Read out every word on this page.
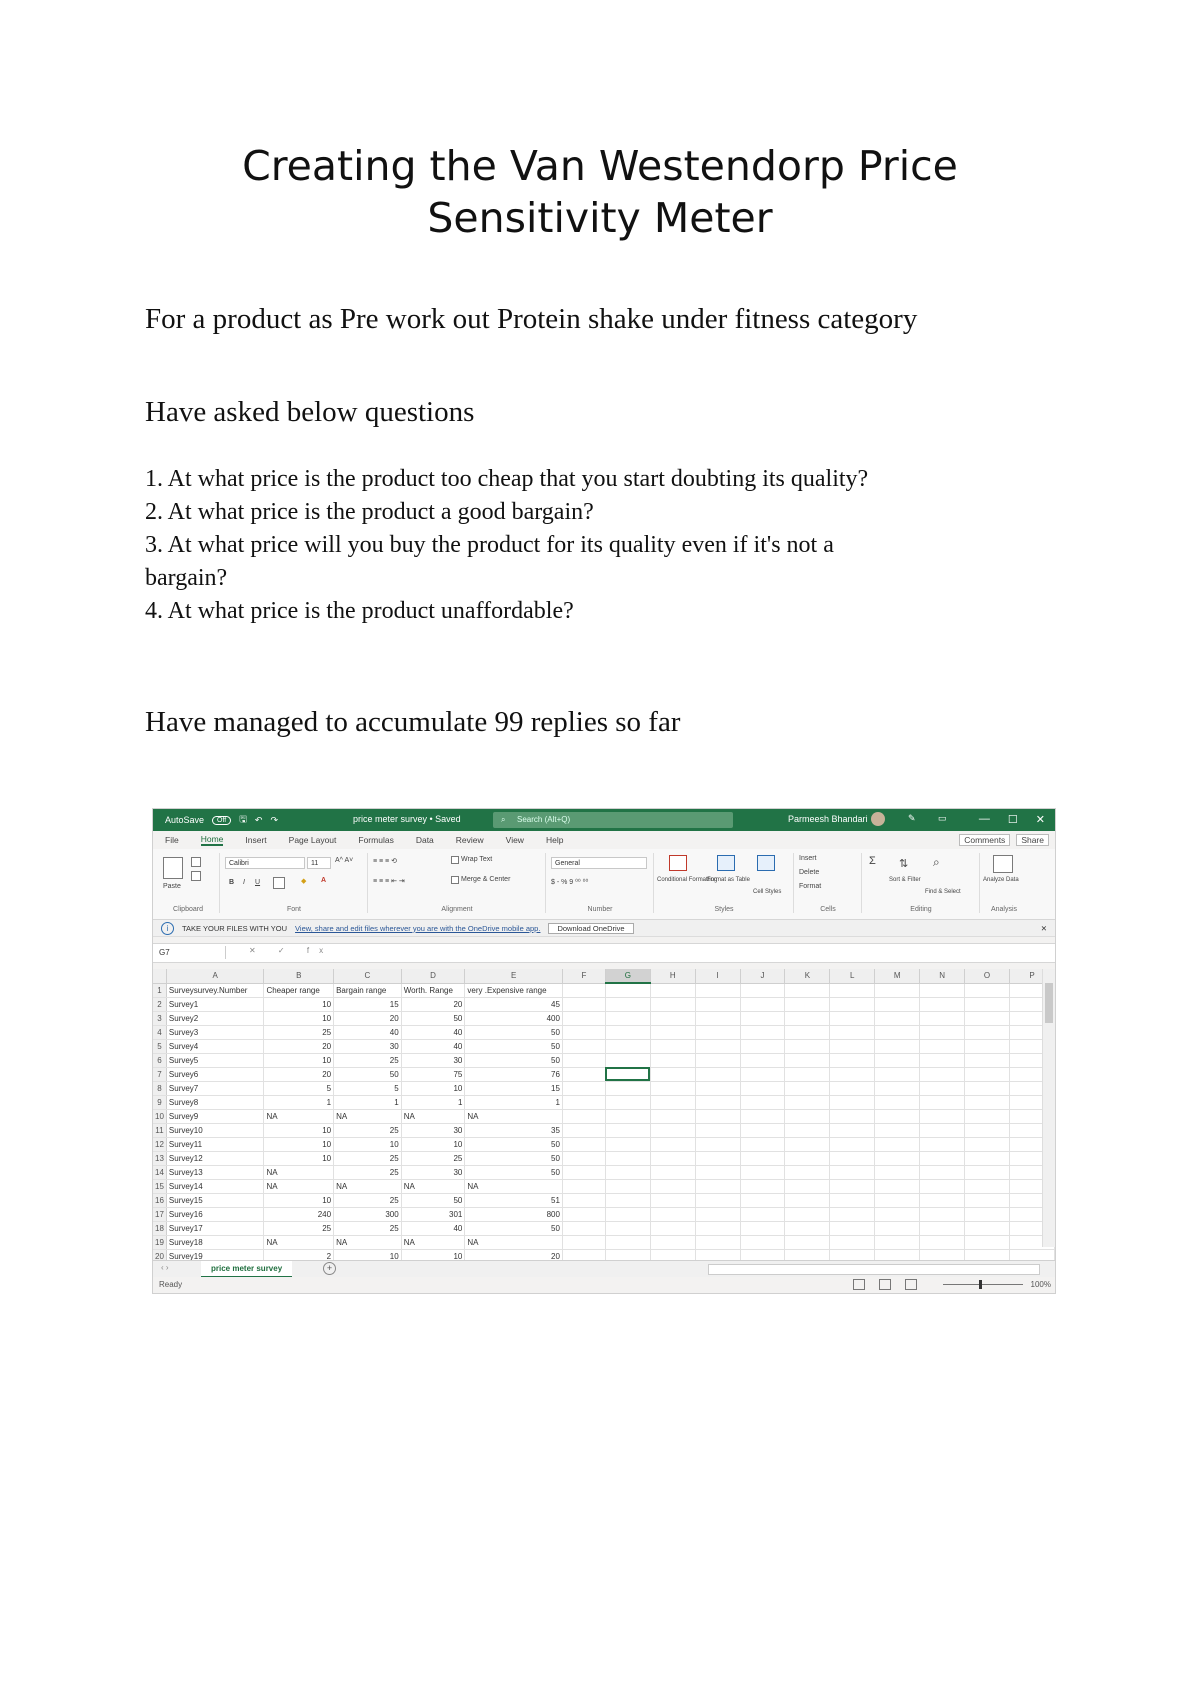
Creating the Van Westendorp Price
Sensitivity Meter
For a product as Pre work out Protein shake under fitness category
Have asked below questions
1. At what price is the product too cheap that you start doubting its quality?
2. At what price is the product a good bargain?
3. At what price will you buy the product for its quality even if it's not a
bargain?
4. At what price is the product unaffordable?
Have managed to accumulate 99 replies so far
AutoSave	Off	🖫 ↶ ↷	price meter survey • Saved	⌕ Search (Alt+Q)	Parmeesh Bhandari	✎ ▭	— ☐ ✕
File	Home	Insert	Page Layout	Formulas	Data	Review	View	Help	Comments	Share
Paste
Clipboard
Calibri	11	A^ A˅
B I U	◆ A
Font
≡ ≡ ≡ ⟲
≡ ≡ ≡ ⇤ ⇥
Wrap Text
Merge & Center
Alignment
General
$ - % 9 ⁰⁰ ⁰⁰
Number
Conditional Formatting
Format as Table
Cell Styles
Styles
Insert
Delete
Format
Cells
Σ ⇅ ⌕
Sort & Filter
Find & Select
Editing
Analyze Data
Analysis
i	TAKE YOUR FILES WITH YOU View, share and edit files wherever you are with the OneDrive mobile app.	Download OneDrive	✕
G7	✕ ✓ fx
	A	B	C	D	E	F	G	H	I	J	K	L	M	N	O	P
1	Surveysurvey.Number	Cheaper range	Bargain range	Worth. Range	very .Expensive range											
2	Survey1	10	15	20	45											
3	Survey2	10	20	50	400											
4	Survey3	25	40	40	50											
5	Survey4	20	30	40	50											
6	Survey5	10	25	30	50											
7	Survey6	20	50	75	76											
8	Survey7	5	5	10	15											
9	Survey8	1	1	1	1											
10	Survey9	NA	NA	NA	NA											
11	Survey10	10	25	30	35											
12	Survey11	10	10	10	50											
13	Survey12	10	25	25	50											
14	Survey13	NA	25	30	50											
15	Survey14	NA	NA	NA	NA											
16	Survey15	10	25	50	51											
17	Survey16	240	300	301	800											
18	Survey17	25	25	40	50											
19	Survey18	NA	NA	NA	NA											
20	Survey19	2	10	10	20											
‹ ›	price meter survey	+
Ready	100%
